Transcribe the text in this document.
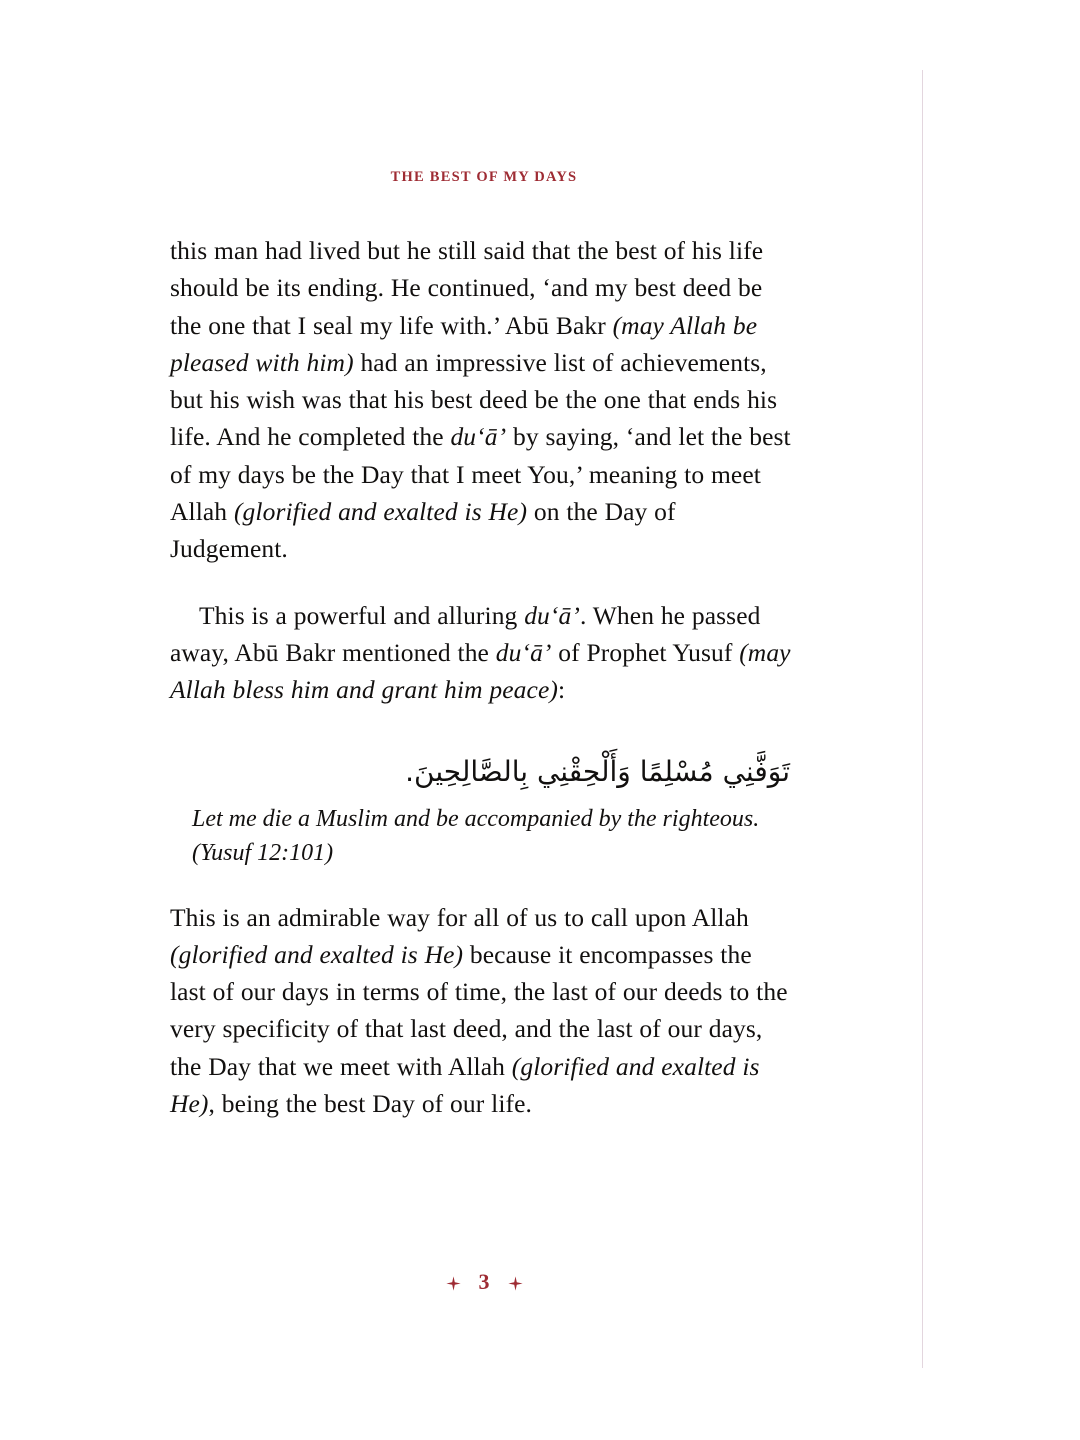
THE BEST OF MY DAYS

this man had lived but he still said that the best of his life should be its ending. He continued, ‘and my best deed be the one that I seal my life with.’ Abū Bakr (may Allah be pleased with him) had an impressive list of achievements, but his wish was that his best deed be the one that ends his life. And he completed the du‘ā’ by saying, ‘and let the best of my days be the Day that I meet You,’ meaning to meet Allah (glorified and exalted is He) on the Day of Judgement.

This is a powerful and alluring du‘ā’. When he passed away, Abū Bakr mentioned the du‘ā’ of Prophet Yusuf (may Allah bless him and grant him peace):

تَوَفَّنِي مُسْلِمًا وَأَلْحِقْنِي بِالصَّالِحِينَ.

Let me die a Muslim and be accompanied by the righteous.
(Yusuf 12:101)

This is an admirable way for all of us to call upon Allah (glorified and exalted is He) because it encompasses the last of our days in terms of time, the last of our deeds to the very specificity of that last deed, and the last of our days, the Day that we meet with Allah (glorified and exalted is He), being the best Day of our life.

3
